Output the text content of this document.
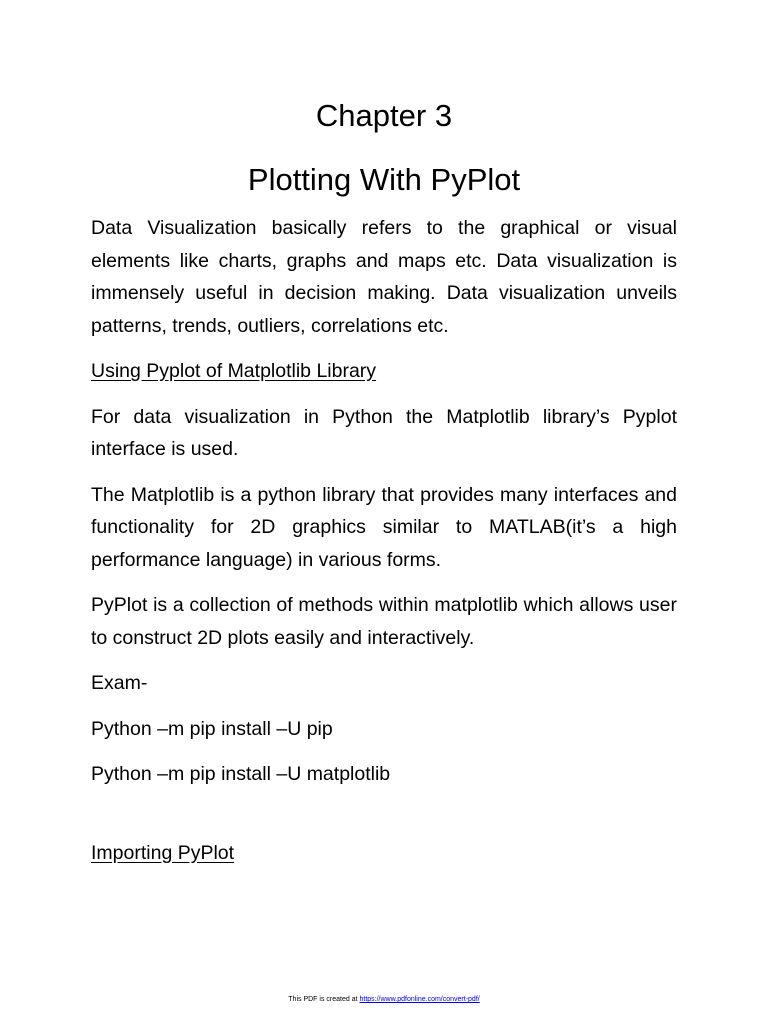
Chapter 3
Plotting With PyPlot

Data Visualization basically refers to the graphical or visual elements like charts, graphs and maps etc. Data visualization is immensely useful in decision making. Data visualization unveils patterns, trends, outliers, correlations etc.

Using Pyplot of Matplotlib Library

For data visualization in Python the Matplotlib library’s Pyplot interface is used.

The Matplotlib is a python library that provides many interfaces and functionality for 2D graphics similar to MATLAB(it’s a high performance language) in various forms.

PyPlot is a collection of methods within matplotlib which allows user to construct 2D plots easily and interactively.

Exam-

Python –m pip install –U pip

Python –m pip install –U matplotlib

Importing PyPlot

This PDF is created at https://www.pdfonline.com/convert-pdf/
